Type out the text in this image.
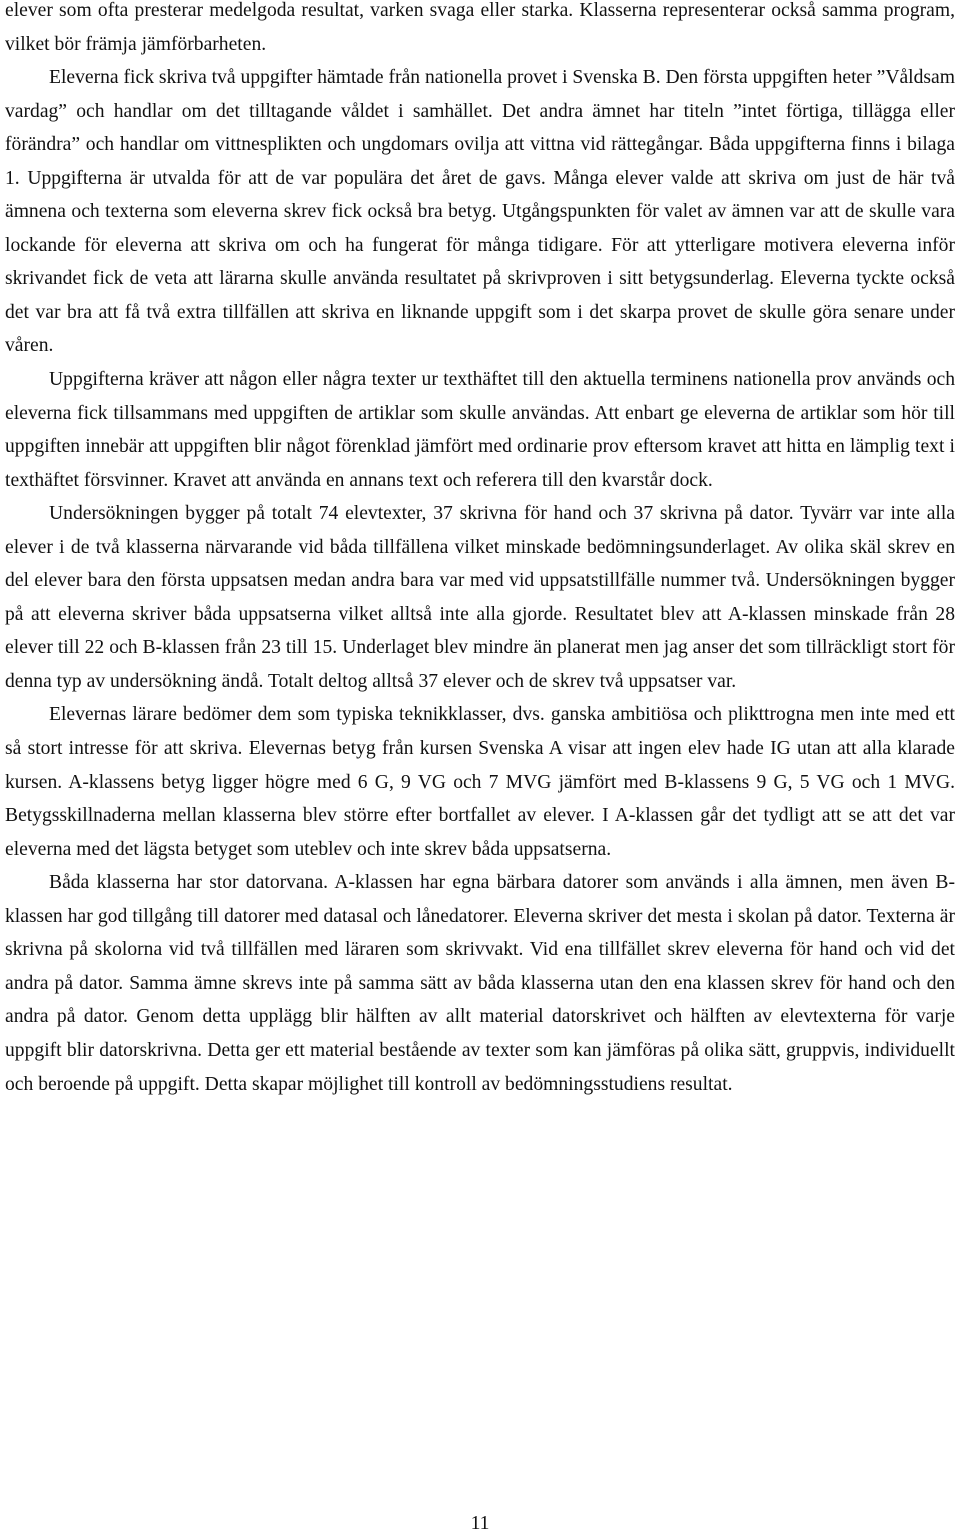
elever som ofta presterar medelgoda resultat, varken svaga eller starka. Klasserna representerar också samma program, vilket bör främja jämförbarheten.

Eleverna fick skriva två uppgifter hämtade från nationella provet i Svenska B. Den första uppgiften heter ”Våldsam vardag” och handlar om det tilltagande våldet i samhället. Det andra ämnet har titeln ”intet förtiga, tillägga eller förändra” och handlar om vittnesplikten och ungdomars ovilja att vittna vid rättegångar. Båda uppgifterna finns i bilaga 1. Uppgifterna är utvalda för att de var populära det året de gavs. Många elever valde att skriva om just de här två ämnena och texterna som eleverna skrev fick också bra betyg. Utgångspunkten för valet av ämnen var att de skulle vara lockande för eleverna att skriva om och ha fungerat för många tidigare. För att ytterligare motivera eleverna inför skrivandet fick de veta att lärarna skulle använda resultatet på skrivproven i sitt betygsunderlag. Eleverna tyckte också det var bra att få två extra tillfällen att skriva en liknande uppgift som i det skarpa provet de skulle göra senare under våren.

Uppgifterna kräver att någon eller några texter ur texthäftet till den aktuella terminens nationella prov används och eleverna fick tillsammans med uppgiften de artiklar som skulle användas. Att enbart ge eleverna de artiklar som hör till uppgiften innebär att uppgiften blir något förenklad jämfört med ordinarie prov eftersom kravet att hitta en lämplig text i texthäftet försvinner. Kravet att använda en annans text och referera till den kvarstår dock.

Undersökningen bygger på totalt 74 elevtexter, 37 skrivna för hand och 37 skrivna på dator. Tyvärr var inte alla elever i de två klasserna närvarande vid båda tillfällena vilket minskade bedömningsunderlaget. Av olika skäl skrev en del elever bara den första uppsatsen medan andra bara var med vid uppsatstillfälle nummer två. Undersökningen bygger på att eleverna skriver båda uppsatserna vilket alltså inte alla gjorde. Resultatet blev att A-klassen minskade från 28 elever till 22 och B-klassen från 23 till 15. Underlaget blev mindre än planerat men jag anser det som tillräckligt stort för denna typ av undersökning ändå. Totalt deltog alltså 37 elever och de skrev två uppsatser var.

Elevernas lärare bedömer dem som typiska teknikklasser, dvs. ganska ambitiösa och plikttrogna men inte med ett så stort intresse för att skriva. Elevernas betyg från kursen Svenska A visar att ingen elev hade IG utan att alla klarade kursen. A-klassens betyg ligger högre med 6 G, 9 VG och 7 MVG jämfört med B-klassens 9 G, 5 VG och 1 MVG. Betygsskillnaderna mellan klasserna blev större efter bortfallet av elever. I A-klassen går det tydligt att se att det var eleverna med det lägsta betyget som uteblev och inte skrev båda uppsatserna.

Båda klasserna har stor datorvana. A-klassen har egna bärbara datorer som används i alla ämnen, men även B-klassen har god tillgång till datorer med datasal och lånedatorer. Eleverna skriver det mesta i skolan på dator. Texterna är skrivna på skolorna vid två tillfällen med läraren som skrivvakt. Vid ena tillfället skrev eleverna för hand och vid det andra på dator. Samma ämne skrevs inte på samma sätt av båda klasserna utan den ena klassen skrev för hand och den andra på dator. Genom detta upplägg blir hälften av allt material datorskrivet och hälften av elevtexterna för varje uppgift blir datorskrivna. Detta ger ett material bestående av texter som kan jämföras på olika sätt, gruppvis, individuellt och beroende på uppgift. Detta skapar möjlighet till kontroll av bedömningsstudiens resultat.

11
